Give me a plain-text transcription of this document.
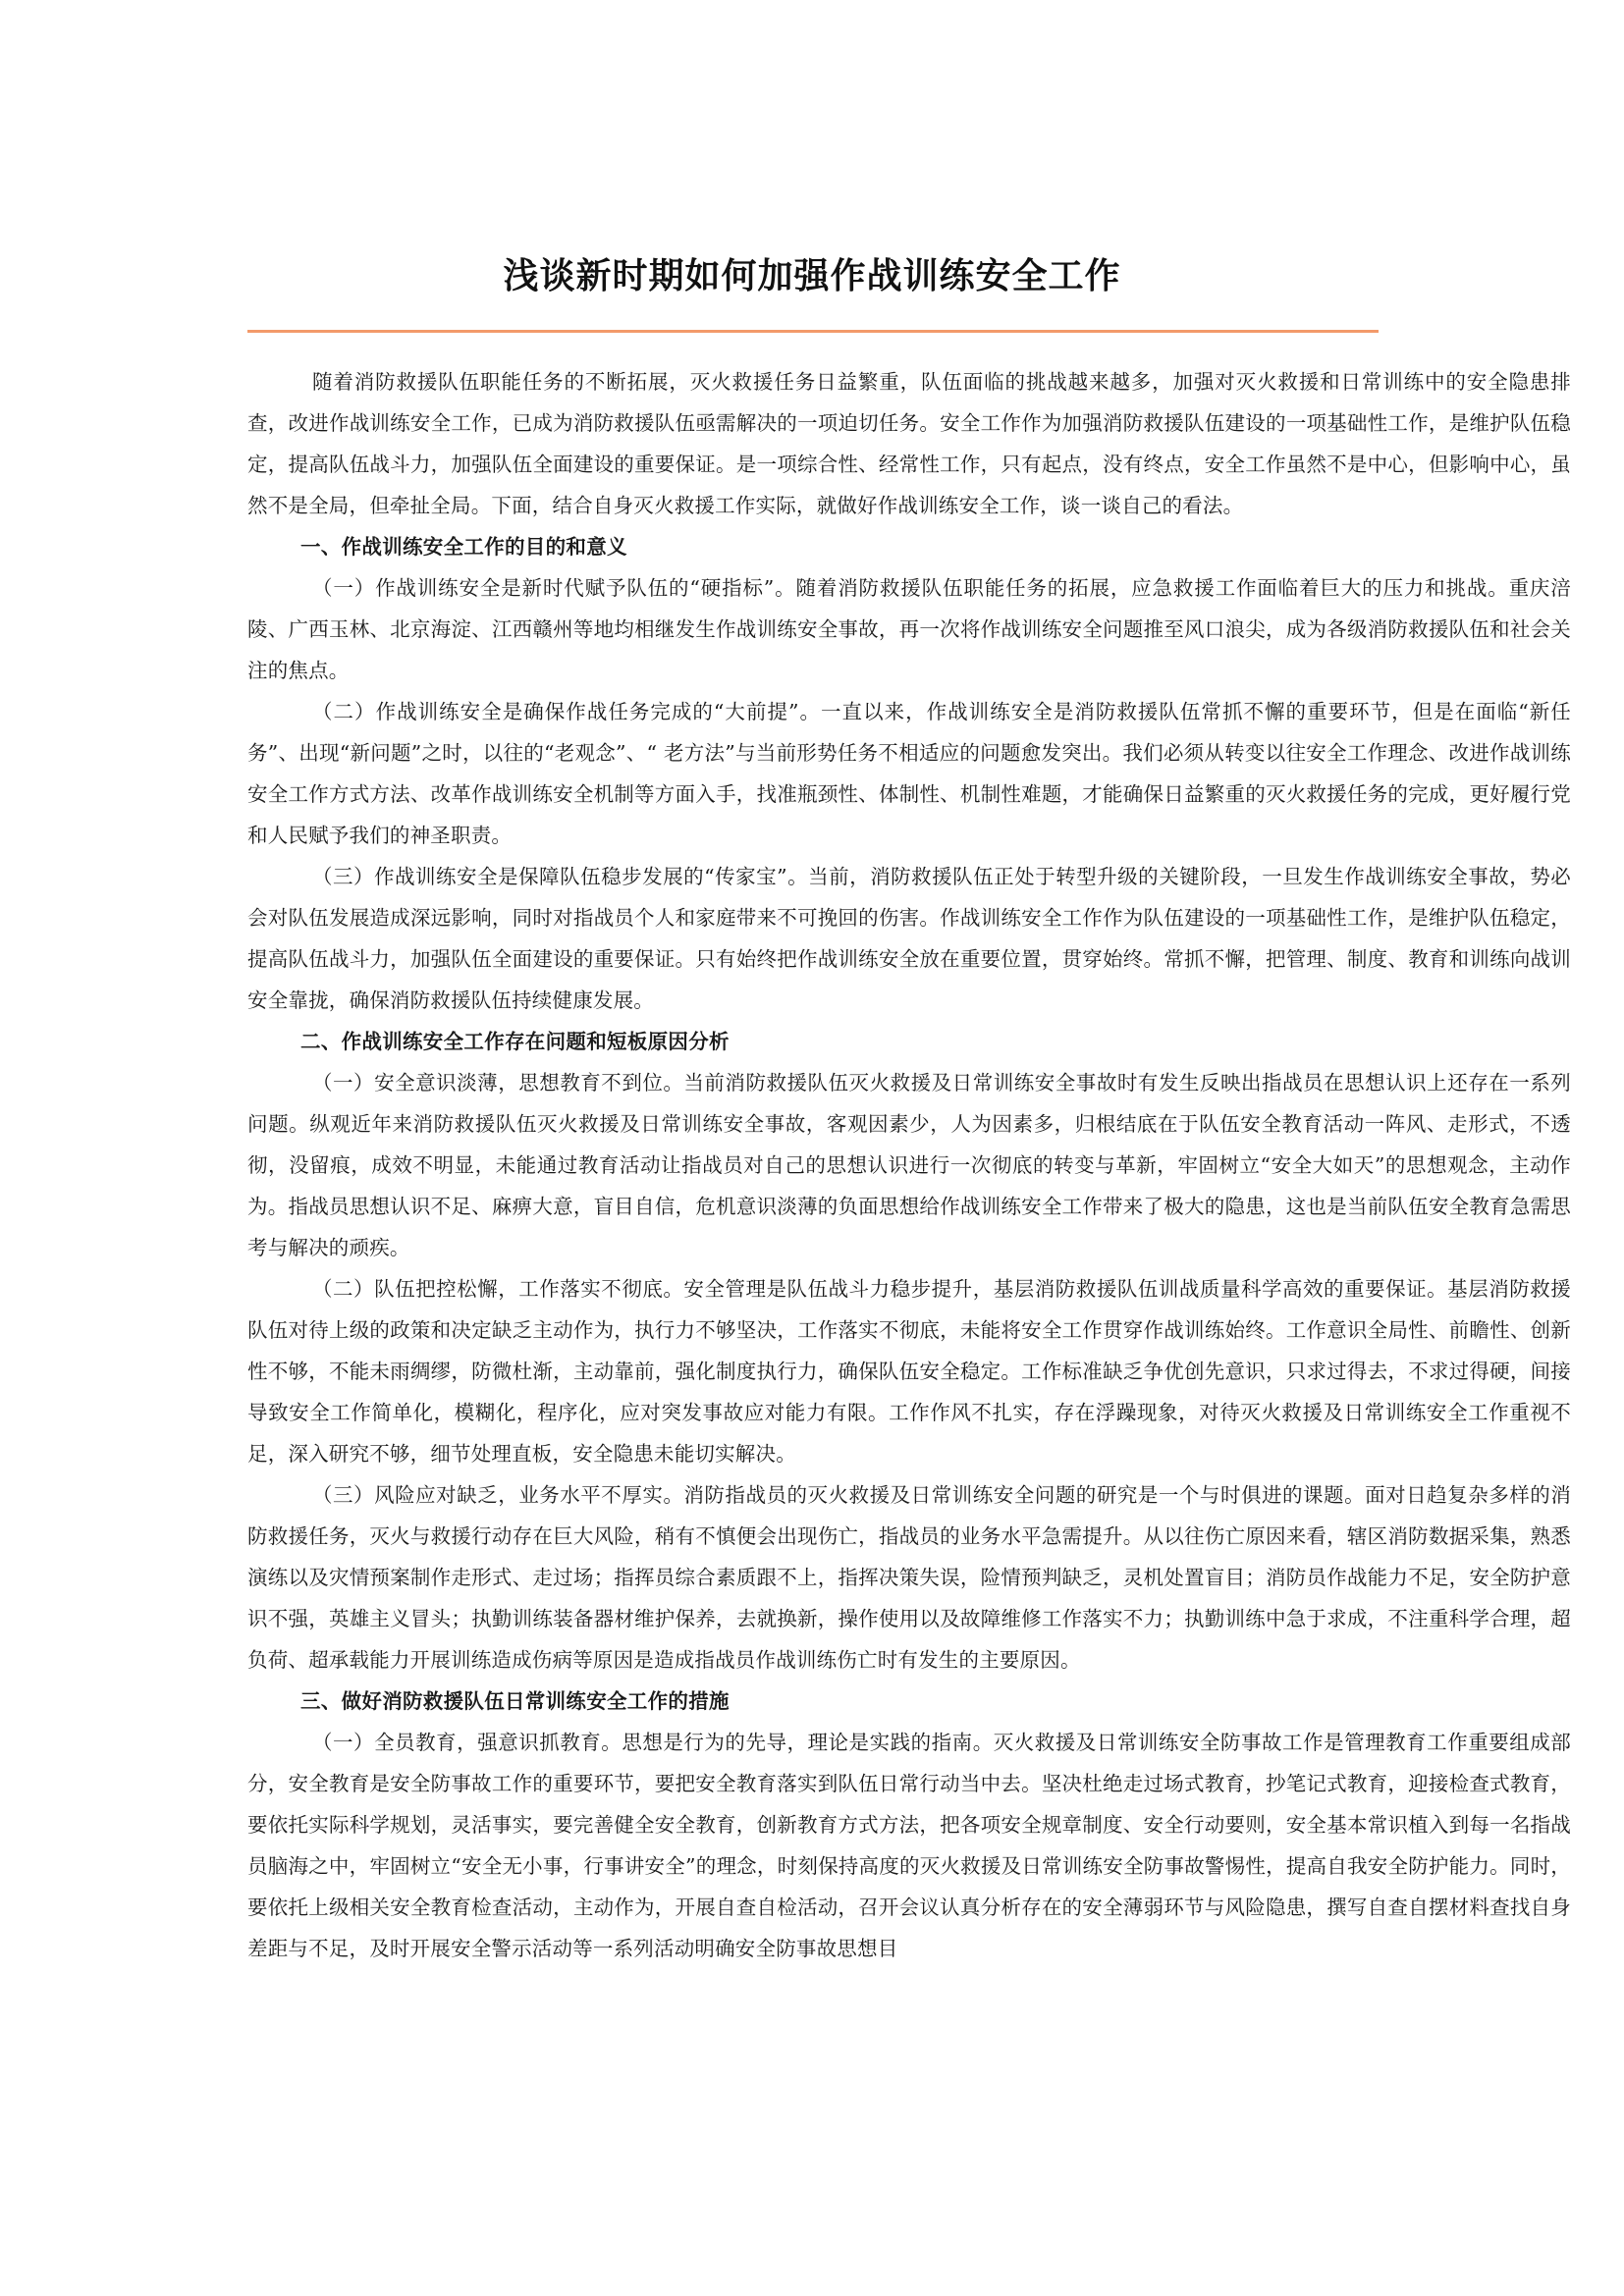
浅谈新时期如何加强作战训练安全工作

随着消防救援队伍职能任务的不断拓展，灭火救援任务日益繁重，队伍面临的挑战越来越多，加强对灭火救援和日常训练中的安全隐患排查，改进作战训练安全工作，已成为消防救援队伍亟需解决的一项迫切任务。安全工作作为加强消防救援队伍建设的一项基础性工作，是维护队伍稳定，提高队伍战斗力，加强队伍全面建设的重要保证。是一项综合性、经常性工作，只有起点，没有终点，安全工作虽然不是中心，但影响中心，虽然不是全局，但牵扯全局。下面，结合自身灭火救援工作实际，就做好作战训练安全工作，谈一谈自己的看法。

一、作战训练安全工作的目的和意义

（一）作战训练安全是新时代赋予队伍的“硬指标”。随着消防救援队伍职能任务的拓展，应急救援工作面临着巨大的压力和挑战。重庆涪陵、广西玉林、北京海淀、江西赣州等地均相继发生作战训练安全事故，再一次将作战训练安全问题推至风口浪尖，成为各级消防救援队伍和社会关注的焦点。

（二）作战训练安全是确保作战任务完成的“大前提”。一直以来，作战训练安全是消防救援队伍常抓不懈的重要环节，但是在面临“新任务”、出现“新问题”之时，以往的“老观念”、“ 老方法”与当前形势任务不相适应的问题愈发突出。我们必须从转变以往安全工作理念、改进作战训练安全工作方式方法、改革作战训练安全机制等方面入手，找准瓶颈性、体制性、机制性难题，才能确保日益繁重的灭火救援任务的完成，更好履行党和人民赋予我们的神圣职责。

（三）作战训练安全是保障队伍稳步发展的“传家宝”。当前，消防救援队伍正处于转型升级的关键阶段，一旦发生作战训练安全事故，势必会对队伍发展造成深远影响，同时对指战员个人和家庭带来不可挽回的伤害。作战训练安全工作作为队伍建设的一项基础性工作，是维护队伍稳定，提高队伍战斗力，加强队伍全面建设的重要保证。只有始终把作战训练安全放在重要位置，贯穿始终。常抓不懈，把管理、制度、教育和训练向战训安全靠拢，确保消防救援队伍持续健康发展。

二、作战训练安全工作存在问题和短板原因分析

（一）安全意识淡薄，思想教育不到位。当前消防救援队伍灭火救援及日常训练安全事故时有发生反映出指战员在思想认识上还存在一系列问题。纵观近年来消防救援队伍灭火救援及日常训练安全事故，客观因素少，人为因素多，归根结底在于队伍安全教育活动一阵风、走形式，不透彻，没留痕，成效不明显，未能通过教育活动让指战员对自己的思想认识进行一次彻底的转变与革新，牢固树立“安全大如天”的思想观念，主动作为。指战员思想认识不足、麻痹大意，盲目自信，危机意识淡薄的负面思想给作战训练安全工作带来了极大的隐患，这也是当前队伍安全教育急需思考与解决的顽疾。

（二）队伍把控松懈，工作落实不彻底。安全管理是队伍战斗力稳步提升，基层消防救援队伍训战质量科学高效的重要保证。基层消防救援队伍对待上级的政策和决定缺乏主动作为，执行力不够坚决，工作落实不彻底，未能将安全工作贯穿作战训练始终。工作意识全局性、前瞻性、创新性不够，不能未雨绸缪，防微杜渐，主动靠前，强化制度执行力，确保队伍安全稳定。工作标准缺乏争优创先意识，只求过得去，不求过得硬，间接导致安全工作简单化，模糊化，程序化，应对突发事故应对能力有限。工作作风不扎实，存在浮躁现象，对待灭火救援及日常训练安全工作重视不足，深入研究不够，细节处理直板，安全隐患未能切实解决。

（三）风险应对缺乏，业务水平不厚实。消防指战员的灭火救援及日常训练安全问题的研究是一个与时俱进的课题。面对日趋复杂多样的消防救援任务，灭火与救援行动存在巨大风险，稍有不慎便会出现伤亡，指战员的业务水平急需提升。从以往伤亡原因来看，辖区消防数据采集，熟悉演练以及灾情预案制作走形式、走过场；指挥员综合素质跟不上，指挥决策失误，险情预判缺乏，灵机处置盲目；消防员作战能力不足，安全防护意识不强，英雄主义冒头；执勤训练装备器材维护保养，去就换新，操作使用以及故障维修工作落实不力；执勤训练中急于求成，不注重科学合理，超负荷、超承载能力开展训练造成伤病等原因是造成指战员作战训练伤亡时有发生的主要原因。

三、做好消防救援队伍日常训练安全工作的措施

（一）全员教育，强意识抓教育。思想是行为的先导，理论是实践的指南。灭火救援及日常训练安全防事故工作是管理教育工作重要组成部分，安全教育是安全防事故工作的重要环节，要把安全教育落实到队伍日常行动当中去。坚决杜绝走过场式教育，抄笔记式教育，迎接检查式教育，要依托实际科学规划，灵活事实，要完善健全安全教育，创新教育方式方法，把各项安全规章制度、安全行动要则，安全基本常识植入到每一名指战员脑海之中，牢固树立“安全无小事，行事讲安全”的理念，时刻保持高度的灭火救援及日常训练安全防事故警惕性，提高自我安全防护能力。同时，要依托上级相关安全教育检查活动，主动作为，开展自查自检活动，召开会议认真分析存在的安全薄弱环节与风险隐患，撰写自查自摆材料查找自身差距与不足，及时开展安全警示活动等一系列活动明确安全防事故思想目
